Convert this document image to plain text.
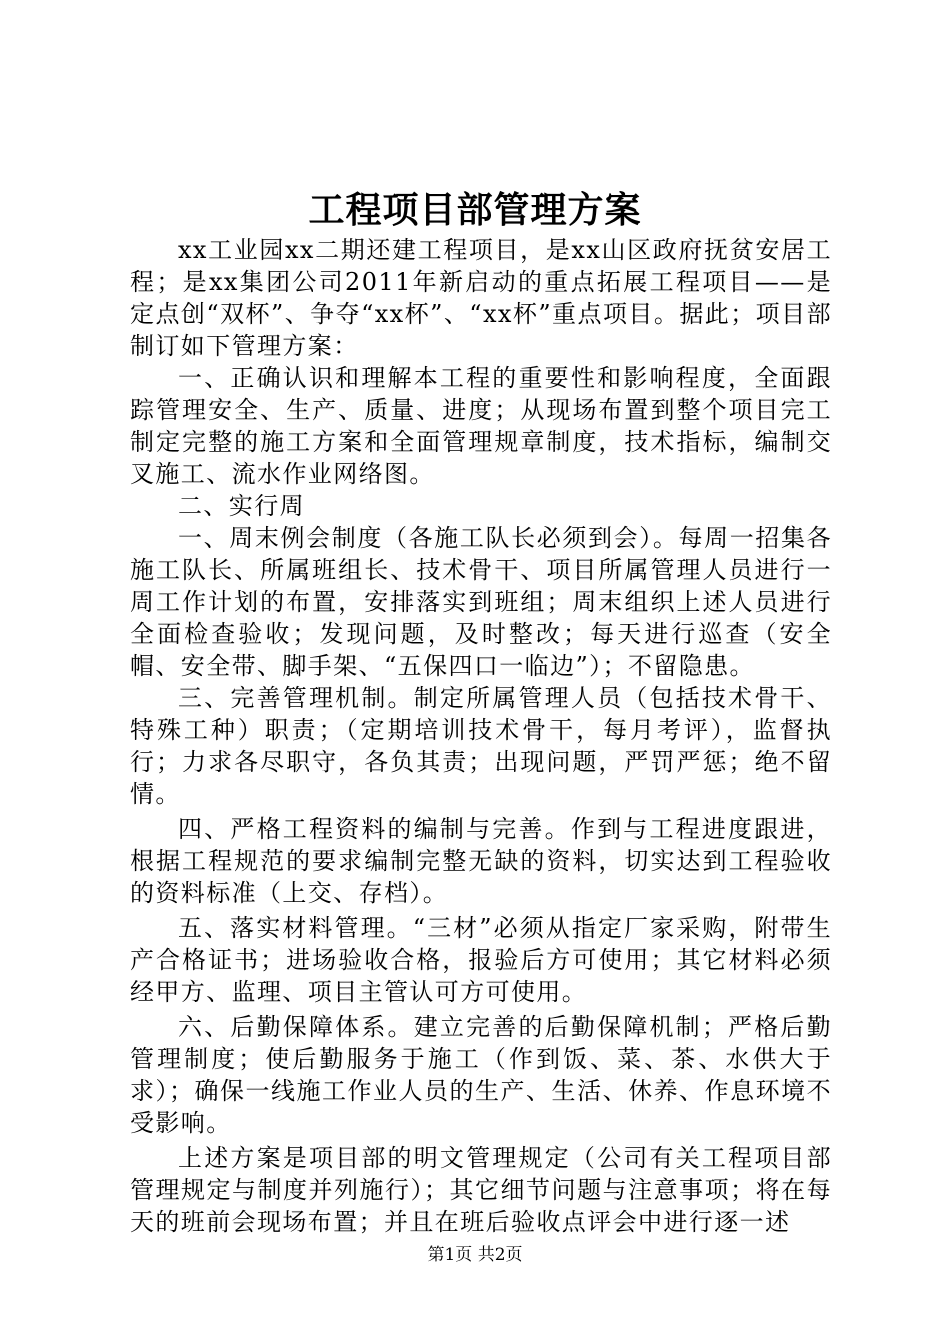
工程项目部管理方案

xx工业园xx二期还建工程项目，是xx山区政府抚贫安居工程；是xx集团公司2011年新启动的重点拓展工程项目——是定点创“双杯”、争夺“xx杯”、“xx杯”重点项目。据此；项目部制订如下管理方案：

一、正确认识和理解本工程的重要性和影响程度，全面跟踪管理安全、生产、质量、进度；从现场布置到整个项目完工制定完整的施工方案和全面管理规章制度，技术指标，编制交叉施工、流水作业网络图。

二、实行周

一、周末例会制度（各施工队长必须到会）。每周一招集各施工队长、所属班组长、技术骨干、项目所属管理人员进行一周工作计划的布置，安排落实到班组；周末组织上述人员进行全面检查验收；发现问题，及时整改；每天进行巡查（安全帽、安全带、脚手架、“五保四口一临边”）；不留隐患。

三、完善管理机制。制定所属管理人员（包括技术骨干、特殊工种）职责；（定期培训技术骨干，每月考评），监督执行；力求各尽职守，各负其责；出现问题，严罚严惩；绝不留情。

四、严格工程资料的编制与完善。作到与工程进度跟进，根据工程规范的要求编制完整无缺的资料，切实达到工程验收的资料标准（上交、存档）。

五、落实材料管理。“三材”必须从指定厂家采购，附带生产合格证书；进场验收合格，报验后方可使用；其它材料必须经甲方、监理、项目主管认可方可使用。

六、后勤保障体系。建立完善的后勤保障机制；严格后勤管理制度；使后勤服务于施工（作到饭、菜、茶、水供大于求）；确保一线施工作业人员的生产、生活、休养、作息环境不受影响。

上述方案是项目部的明文管理规定（公司有关工程项目部管理规定与制度并列施行）；其它细节问题与注意事项；将在每天的班前会现场布置；并且在班后验收点评会中进行逐一述

第1页 共2页
